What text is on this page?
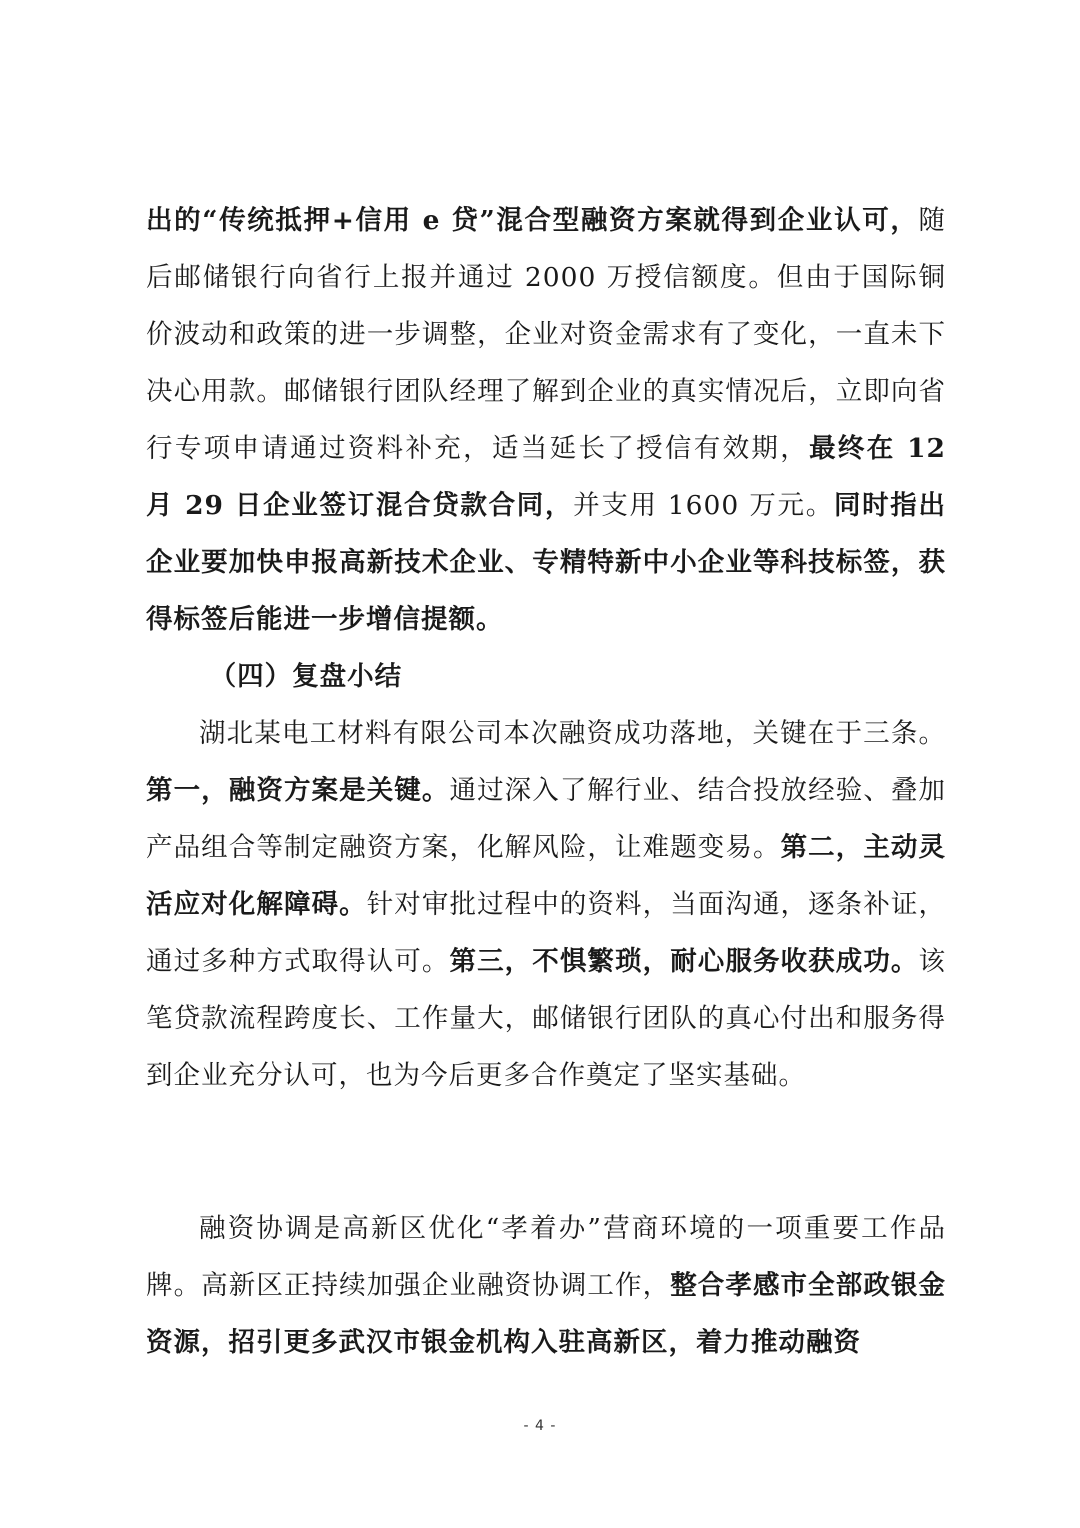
出的“传统抵押+信用 e 贷”混合型融资方案就得到企业认可，随后邮储银行向省行上报并通过 2000 万授信额度。但由于国际铜价波动和政策的进一步调整，企业对资金需求有了变化，一直未下决心用款。邮储银行团队经理了解到企业的真实情况后，立即向省行专项申请通过资料补充，适当延长了授信有效期，最终在 12 月 29 日企业签订混合贷款合同，并支用 1600 万元。同时指出企业要加快申报高新技术企业、专精特新中小企业等科技标签，获得标签后能进一步增信提额。

（四）复盘小结

湖北某电工材料有限公司本次融资成功落地，关键在于三条。第一，融资方案是关键。通过深入了解行业、结合投放经验、叠加产品组合等制定融资方案，化解风险，让难题变易。第二，主动灵活应对化解障碍。针对审批过程中的资料，当面沟通，逐条补证，通过多种方式取得认可。第三，不惧繁琐，耐心服务收获成功。该笔贷款流程跨度长、工作量大，邮储银行团队的真心付出和服务得到企业充分认可，也为今后更多合作奠定了坚实基础。

融资协调是高新区优化“孝着办”营商环境的一项重要工作品牌。高新区正持续加强企业融资协调工作，整合孝感市全部政银金资源，招引更多武汉市银金机构入驻高新区，着力推动融资

- 4 -
